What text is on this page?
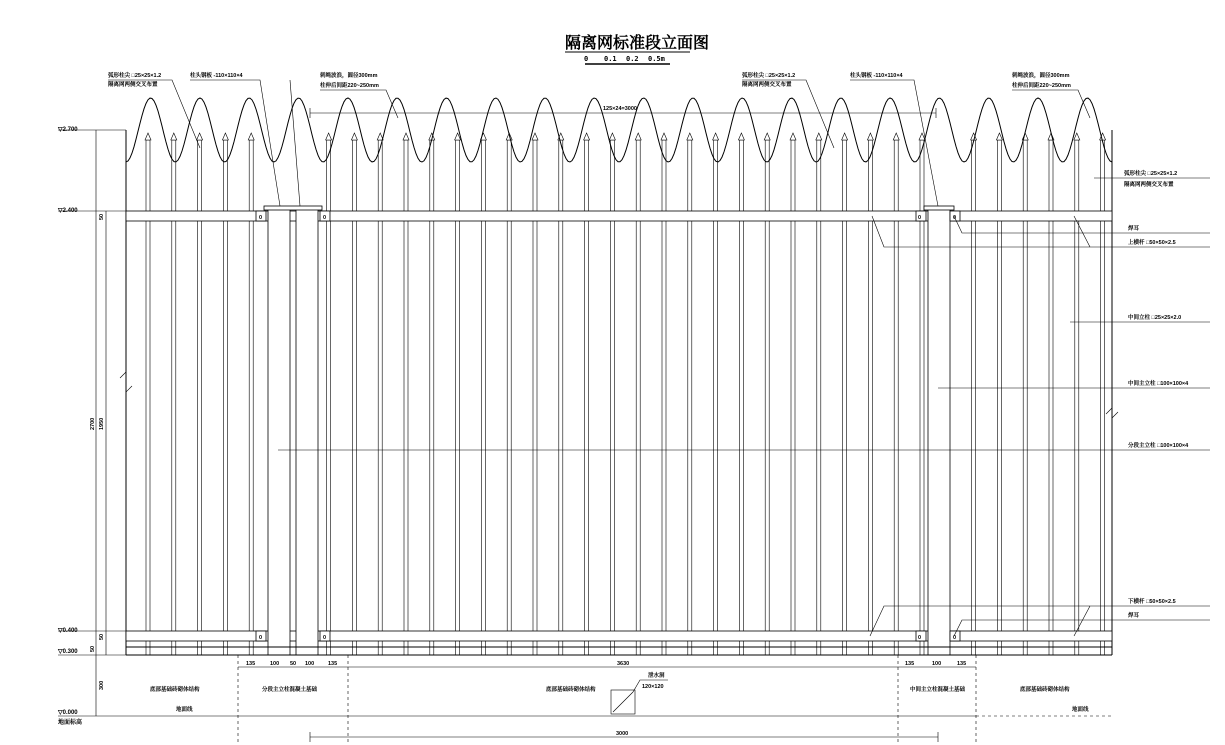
隔离网标准段立面图
0 0.1 0.2 0.5m
0	0	0	0
0	0	0	0
▽2.700
▽2.400
▽0.400
▽0.300
▽0.000
地面标高
2700 1950
50
50
50
300
125×24=3000
弧形柱尖 □25×25×1.2
隔离网两侧交叉布置
柱头钢板 -110×110×4	刺绳波浪，圆径300mm
柱伸后间距220~250mm
弧形柱尖 □25×25×1.2
隔离网两侧交叉布置
柱头钢板 -110×110×4	刺绳波浪，圆径300mm
柱伸后间距220~250mm
弧形柱尖 □25×25×1.2
隔离网两侧交叉布置
焊耳
上横杆 □50×50×2.5
中间立柱 □25×25×2.0
中间主立柱 □100×100×4
分段主立柱 □100×100×4
下横杆 □50×50×2.5
焊耳
135	100 50 100	135	3630	135	100	135
3000
底部基础砖砌体结构
地面线
分段主立柱混凝土基础	底部基础砖砌体结构
泄水洞
120×120	中间主立柱混凝土基础	底部基础砖砌体结构
地面线
